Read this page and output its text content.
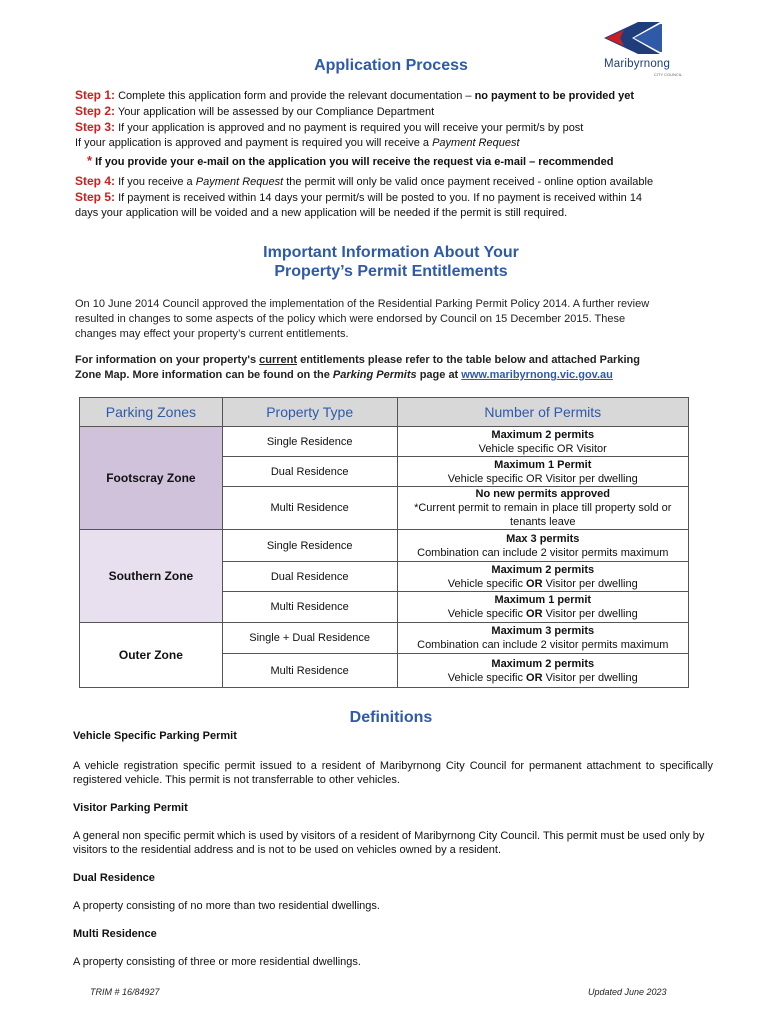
Maribyrnong
CITY COUNCIL
Application Process
Step 1: Complete this application form and provide the relevant documentation – no payment to be provided yet
Step 2: Your application will be assessed by our Compliance Department
Step 3: If your application is approved and no payment is required you will receive your permit/s by post
If your application is approved and payment is required you will receive a Payment Request
* If you provide your e-mail on the application you will receive the request via e-mail – recommended
Step 4: If you receive a Payment Request the permit will only be valid once payment received - online option available
Step 5: If payment is received within 14 days your permit/s will be posted to you. If no payment is received within 14
days your application will be voided and a new application will be needed if the permit is still required.
Important Information About Your
Property’s Permit Entitlements
On 10 June 2014 Council approved the implementation of the Residential Parking Permit Policy 2014. A further review
resulted in changes to some aspects of the policy which were endorsed by Council on 15 December 2015. These
changes may effect your property’s current entitlements.
For information on your property's current entitlements please refer to the table below and attached Parking
Zone Map. More information can be found on the Parking Permits page at www.maribyrnong.vic.gov.au
Parking Zones	Property Type	Number of Permits
Footscray Zone	Single Residence	Maximum 2 permits
Vehicle specific OR Visitor

	Dual Residence	Maximum 1 Permit
Vehicle specific OR Visitor per dwelling

	Multi Residence	No new permits approved
*Current permit to remain in place till property sold or
tenants leave

Southern Zone	Single Residence	Max 3 permits
Combination can include 2 visitor permits maximum

	Dual Residence	Maximum 2 permits
Vehicle specific OR Visitor per dwelling

	Multi Residence	Maximum 1 permit
Vehicle specific OR Visitor per dwelling

Outer Zone	Single + Dual Residence	Maximum 3 permits
Combination can include 2 visitor permits maximum

	Multi Residence	Maximum 2 permits
Vehicle specific OR Visitor per dwelling
Definitions

Vehicle Specific Parking Permit

A vehicle registration specific permit issued to a resident of Maribyrnong City Council for permanent attachment to specifically registered vehicle. This permit is not transferrable to other vehicles.

Visitor Parking Permit

A general non specific permit which is used by visitors of a resident of Maribyrnong City Council. This permit must be used only by visitors to the residential address and is not to be used on vehicles owned by a resident.

Dual Residence

A property consisting of no more than two residential dwellings.

Multi Residence

A property consisting of three or more residential dwellings.

TRIM # 16/84927	Updated June 2023
